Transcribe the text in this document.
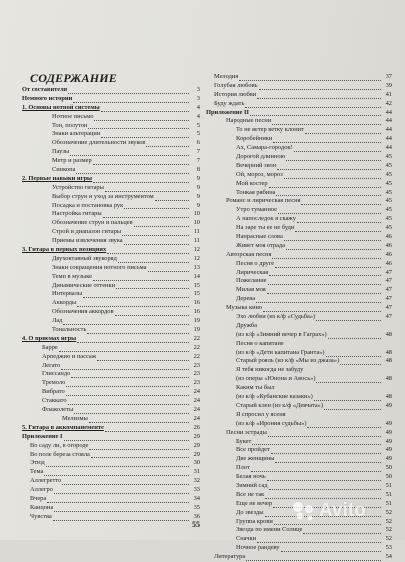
СОДЕРЖАНИЕ
От составителя	3
Немного истории	3
1. Основы нотной системы	4
Нотное письмо	4
Тон, полутон	5
Знаки альтерации	5
Обозначение длительности звуков	6
Паузы	7
Метр и размер	7
Синкопа	8
2. Первые навыки игры	9
Устройство гитары	9
Выбор струн и уход за инструментом	9
Посадка и постановка рук	9
Настройка гитары	10
Обозначение струн и пальцев	10
Строй и диапазон гитары	11
Приемы извлечения звука	11
3. Гитара в первых позициях	12
Двухоктавный звукоряд	12
Знаки сокращения нотного письма	13
Темп в музыке	14
Динамические оттенки	15
Интервалы	15
Аккорды	16
Обозначения аккордов	16
Лад	19
Тональность	19
4. О приемах игры	22
Барре	22
Арпеджио и пассаж	22
Легато	23
Глиссандо	23
Тремоло	23
Вибрато	24
Стаккато	24
Флажолеты	24
Мелизмы	24
5. Гитара в аккомпанементе	26
Приложение I	29
Во саду ли, в огороде	29
Во поле береза стояла	29
Этюд	30
Тема	31
Аллегретто	32
Аллегро	33
Вчера	34
Канцона	35
Чувства	36
Мелодия	37
Голубая любовь	39
История любви	41
Буду ждать	42
Приложение II	44
Народные песни	44
То не ветер ветку клонит	44
Коробейники	44
Ах, Самара-городок!	44
Дорогой длинною	45
Вечерний звон	45
Ой, мороз, мороз	45
Мой костер	45
Тонкая рябина	45
Романс и лирическая песня	45
Утро туманное	45
А напоследок я скажу	45
На заре ты ее не буди	45
Напрасные слова	46
Живет моя отрада	46
Авторская песня	46
Песня о друге	46
Лирическая	47
Пожелание	47
Милая моя	47
Дерева	47
Музыка кино	47
Эхо любви (из к/ф «Судьба»)	47
Дружба
(из к/ф «Зимний вечер в Гаграх»)	48
Песня о капитане
(из к/ф «Дети капитана Гранта»)	48
Старый рояль (из к/ф «Мы из джаза»)	48
Я тебя никогда не забуду
(из оперы «Юнона и Авось»)	48
Каким ты был
(из к/ф «Кубанские казаки»)	48
Старый клен (из к/ф «Девчата»)	49
Я спросил у ясеня
(из к/ф «Ирония судьбы»)	49
Песни эстрады	49
Букет	49
Все пройдет	49
Две женщины	49
Плот	50
Белая ночь	50
Зимний сад	51
Все не так	51
Еще не вечер	51
До звезды	52
Группа крови	52
Звезда по имени Солнце	52
Сначки	52
Ночное рандеву	53
Литература	54
55
Avito
